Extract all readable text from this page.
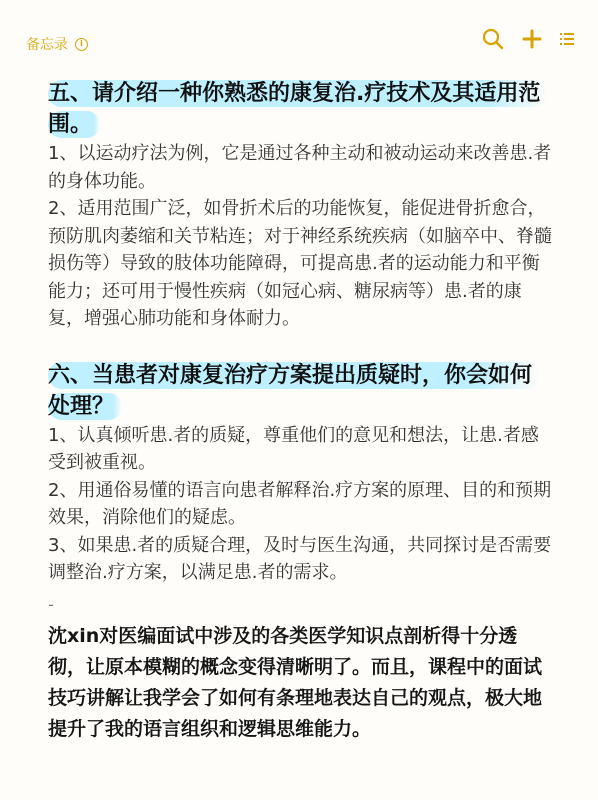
备忘录	i

五、请介绍一种你熟悉的康复治.疗技术及其适用范围。

1、以运动疗法为例，它是通过各种主动和被动运动来改善患.者的身体功能。

2、适用范围广泛，如骨折术后的功能恢复，能促进骨折愈合，预防肌肉萎缩和关节粘连；对于神经系统疾病（如脑卒中、脊髓损伤等）导致的肢体功能障碍，可提高患.者的运动能力和平衡能力；还可用于慢性疾病（如冠心病、糖尿病等）患.者的康复，增强心肺功能和身体耐力。

六、当患者对康复治疗方案提出质疑时，你会如何处理？

1、认真倾听患.者的质疑，尊重他们的意见和想法，让患.者感受到被重视。

2、用通俗易懂的语言向患者解释治.疗方案的原理、目的和预期效果，消除他们的疑虑。

3、如果患.者的质疑合理，及时与医生沟通，共同探讨是否需要调整治.疗方案，以满足患.者的需求。

-

沈xin对医编面试中涉及的各类医学知识点剖析得十分透彻，让原本模糊的概念变得清晰明了。而且，课程中的面试技巧讲解让我学会了如何有条理地表达自己的观点，极大地提升了我的语言组织和逻辑思维能力。
